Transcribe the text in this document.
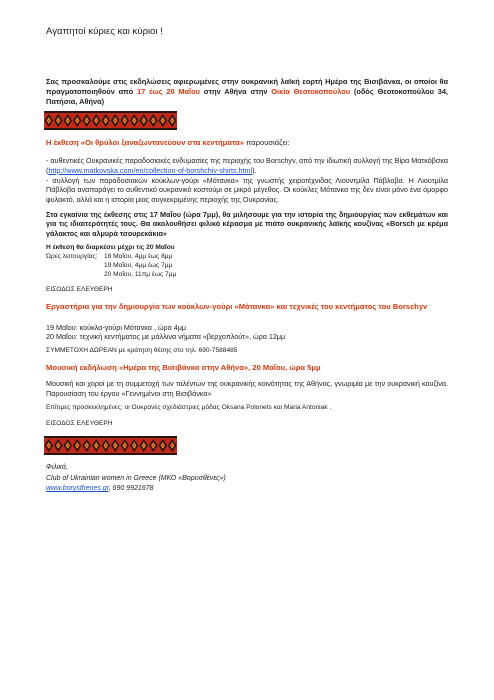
Αγαπητοί κύριες και κύριοι !

Σας προσκαλούμε στις εκδηλώσεις αφιερωμένες στην ουκρανική λαϊκή εορτή Ημέρα της Βισιβάνκα, οι οποίοι θα πραγματοποιηθούν από 17 έως 20 Μαΐου στην Αθήνα στην Οικία Θεοτοκοπούλου (οδός Θεοτοκοπούλου 34, Πατήσια, Αθήνα)

Η έκθεση «Οι θρύλοι ξαναζωντανεύουν στα κεντήματα» παρουσιάζει:

- αυθεντικές Ουκρανικές παραδοσιακές ενδυμασίες της περιοχής του Borschyv, από την ιδιωτική συλλογή της Βίρα Ματκόβσκα (http://www.matkovska.com/en/collection-of-borshchiv-shirts.html).
- συλλογή των παραδοσιακών κούκλων-γούρι «Μότανκα» της γνωστής χειροτέχνιδας Λιουντμίλα Πάβλοβα. Η Λιουτμίλα Πάβλοβα αναπαράγει το αυθεντικό ουκρανικό κοστούμι σε μικρό μέγεθος. Οι κούκλες Μότανκα της δεν είναι μόνο ένα όμορφο φυλακτό, αλλά και η ιστορία μιας συγκεκριμένης περιοχής της Ουκρανίας.

Στα εγκαίνια της έκθεσης στις 17 Μαΐου (ώρα 7μμ), θα μιλήσουμε για την ιστορία της δημιουργίας των εκθεμάτων και για τις ιδιαιτερότητές τους. Θα ακολουθήσει φιλικό κέρασμα με πιάτο ουκρανικής λαϊκής κουζίνας «Borsch με κρέμα γάλακτος και αλμυρά τσουρεκάκια»

Η έκθεση θα διαρκέσει μέχρι τις 20 Μαΐου
Ώρες λειτουργίας: 18 Μαΐου, 4μμ έως 8μμ
19 Μαΐου, 4μμ έως 7μμ
20 Μαΐου, 11πμ έως 7μμ
ΕΙΣΟΔΟΣ ΕΛΕΥΘΕΡΗ
Εργαστήρια για την δημιουργία των κούκλων-γούρι «Μότανκα» και τεχνικές του κεντήματος του Borschyv
19 Μαΐου: κούκλα-γούρι Μότανκα , ώρα 4μμ
20 Μαΐου: τεχνική κεντήματος με μάλλινα νήματα «βερχοπλούτ», ώρα 12μμ
ΣΥΜΜΕΤΟΧΗ ΔΩΡΕΑΝ με κράτηση θέσης στο τηλ. 690-7588485
Μουσική εκδήλωση «Ημέρα της Βισιβάνκα στην Αθήνα», 20 Μαΐου, ώρα 5μμ

Μουσική και χοροί με τη συμμετοχή των ταλέντων της ουκρανικής κοινότητας της Αθήνας, γνωριμία με την ουκρανική κουζίνα. Παρουσίαση του έργου «Γεννημένοι στη Βισιβάνκα»

Επίτιμες προσκεκλημένες: οι Ουκρανές σχεδιάστριες μόδας Oksana Polonets και Maria Antoniak .
ΕΙΣΟΔΟΣ ΕΛΕΥΘΕΡΗ
Φιλικά,
Club of Ukrainian women in Greece (ΜΚΟ «Βορυσθένες»)
www.borysthenes.gr, 690 9921678
